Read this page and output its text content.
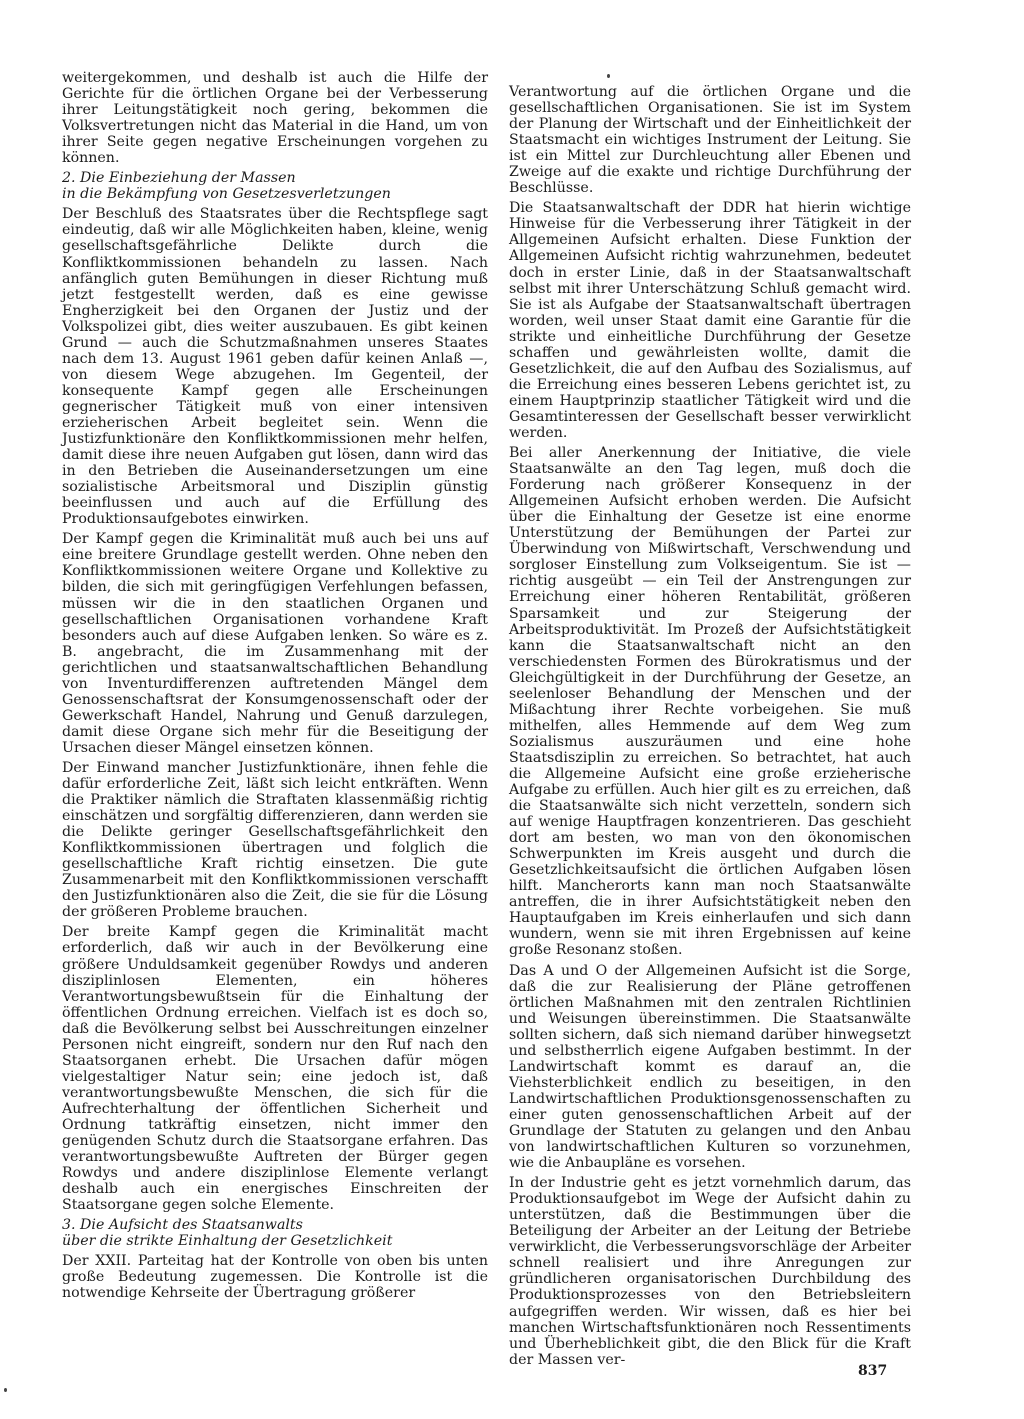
weitergekommen, und deshalb ist auch die Hilfe der Gerichte für die örtlichen Organe bei der Verbesserung ihrer Leitungstätigkeit noch gering, bekommen die Volksvertretungen nicht das Material in die Hand, um von ihrer Seite gegen negative Erscheinungen vorgehen zu können.

2. Die Einbeziehung der Massen
in die Bekämpfung von Gesetzesverletzungen

Der Beschluß des Staatsrates über die Rechtspflege sagt eindeutig, daß wir alle Möglichkeiten haben, kleine, wenig gesellschaftsgefährliche Delikte durch die Konfliktkommissionen behandeln zu lassen. Nach anfänglich guten Bemühungen in dieser Richtung muß jetzt festgestellt werden, daß es eine gewisse Engherzigkeit bei den Organen der Justiz und der Volkspolizei gibt, dies weiter auszubauen. Es gibt keinen Grund — auch die Schutzmaßnahmen unseres Staates nach dem 13. August 1961 geben dafür keinen Anlaß —, von diesem Wege abzugehen. Im Gegenteil, der konsequente Kampf gegen alle Erscheinungen gegnerischer Tätigkeit muß von einer intensiven erzieherischen Arbeit begleitet sein. Wenn die Justizfunktionäre den Konfliktkommissionen mehr helfen, damit diese ihre neuen Aufgaben gut lösen, dann wird das in den Betrieben die Auseinandersetzungen um eine sozialistische Arbeitsmoral und Disziplin günstig beeinflussen und auch auf die Erfüllung des Produktionsaufgebotes einwirken.

Der Kampf gegen die Kriminalität muß auch bei uns auf eine breitere Grundlage gestellt werden. Ohne neben den Konfliktkommissionen weitere Organe und Kollektive zu bilden, die sich mit geringfügigen Verfehlungen befassen, müssen wir die in den staatlichen Organen und gesellschaftlichen Organisationen vorhandene Kraft besonders auch auf diese Aufgaben lenken. So wäre es z. B. angebracht, die im Zusammenhang mit der gerichtlichen und staatsanwaltschaftlichen Behandlung von Inventurdifferenzen auftretenden Mängel dem Genossenschaftsrat der Konsumgenossenschaft oder der Gewerkschaft Handel, Nahrung und Genuß darzulegen, damit diese Organe sich mehr für die Beseitigung der Ursachen dieser Mängel einsetzen können.

Der Einwand mancher Justizfunktionäre, ihnen fehle die dafür erforderliche Zeit, läßt sich leicht entkräften. Wenn die Praktiker nämlich die Straftaten klassenmäßig richtig einschätzen und sorgfältig differenzieren, dann werden sie die Delikte geringer Gesellschaftsgefährlichkeit den Konfliktkommissionen übertragen und folglich die gesellschaftliche Kraft richtig einsetzen. Die gute Zusammenarbeit mit den Konfliktkommissionen verschafft den Justizfunktionären also die Zeit, die sie für die Lösung der größeren Probleme brauchen.

Der breite Kampf gegen die Kriminalität macht erforderlich, daß wir auch in der Bevölkerung eine größere Unduldsamkeit gegenüber Rowdys und anderen disziplinlosen Elementen, ein höheres Verantwortungsbewußtsein für die Einhaltung der öffentlichen Ordnung erreichen. Vielfach ist es doch so, daß die Bevölkerung selbst bei Ausschreitungen einzelner Personen nicht eingreift, sondern nur den Ruf nach den Staatsorganen erhebt. Die Ursachen dafür mögen vielgestaltiger Natur sein; eine jedoch ist, daß verantwortungsbewußte Menschen, die sich für die Aufrechterhaltung der öffentlichen Sicherheit und Ordnung tatkräftig einsetzen, nicht immer den genügenden Schutz durch die Staatsorgane erfahren. Das verantwortungsbewußte Auftreten der Bürger gegen Rowdys und andere disziplinlose Elemente verlangt deshalb auch ein energisches Einschreiten der Staatsorgane gegen solche Elemente.

3. Die Aufsicht des Staatsanwalts
über die strikte Einhaltung der Gesetzlichkeit

Der XXII. Parteitag hat der Kontrolle von oben bis unten große Bedeutung zugemessen. Die Kontrolle ist die notwendige Kehrseite der Übertragung größerer

Verantwortung auf die örtlichen Organe und die gesellschaftlichen Organisationen. Sie ist im System der Planung der Wirtschaft und der Einheitlichkeit der Staatsmacht ein wichtiges Instrument der Leitung. Sie ist ein Mittel zur Durchleuchtung aller Ebenen und Zweige auf die exakte und richtige Durchführung der Beschlüsse.

Die Staatsanwaltschaft der DDR hat hierin wichtige Hinweise für die Verbesserung ihrer Tätigkeit in der Allgemeinen Aufsicht erhalten. Diese Funktion der Allgemeinen Aufsicht richtig wahrzunehmen, bedeutet doch in erster Linie, daß in der Staatsanwaltschaft selbst mit ihrer Unterschätzung Schluß gemacht wird. Sie ist als Aufgabe der Staatsanwaltschaft übertragen worden, weil unser Staat damit eine Garantie für die strikte und einheitliche Durchführung der Gesetze schaffen und gewährleisten wollte, damit die Gesetzlichkeit, die auf den Aufbau des Sozialismus, auf die Erreichung eines besseren Lebens gerichtet ist, zu einem Hauptprinzip staatlicher Tätigkeit wird und die Gesamtinteressen der Gesellschaft besser verwirklicht werden.

Bei aller Anerkennung der Initiative, die viele Staatsanwälte an den Tag legen, muß doch die Forderung nach größerer Konsequenz in der Allgemeinen Aufsicht erhoben werden. Die Aufsicht über die Einhaltung der Gesetze ist eine enorme Unterstützung der Bemühungen der Partei zur Überwindung von Mißwirtschaft, Verschwendung und sorgloser Einstellung zum Volkseigentum. Sie ist — richtig ausgeübt — ein Teil der Anstrengungen zur Erreichung einer höheren Rentabilität, größeren Sparsamkeit und zur Steigerung der Arbeitsproduktivität. Im Prozeß der Aufsichtstätigkeit kann die Staatsanwaltschaft nicht an den verschiedensten Formen des Bürokratismus und der Gleichgültigkeit in der Durchführung der Gesetze, an seelenloser Behandlung der Menschen und der Mißachtung ihrer Rechte vorbeigehen. Sie muß mithelfen, alles Hemmende auf dem Weg zum Sozialismus auszuräumen und eine hohe Staatsdisziplin zu erreichen. So betrachtet, hat auch die Allgemeine Aufsicht eine große erzieherische Aufgabe zu erfüllen. Auch hier gilt es zu erreichen, daß die Staatsanwälte sich nicht verzetteln, sondern sich auf wenige Hauptfragen konzentrieren. Das geschieht dort am besten, wo man von den ökonomischen Schwerpunkten im Kreis ausgeht und durch die Gesetzlichkeitsaufsicht die örtlichen Aufgaben lösen hilft. Mancherorts kann man noch Staatsanwälte antreffen, die in ihrer Aufsichtstätigkeit neben den Hauptaufgaben im Kreis einherlaufen und sich dann wundern, wenn sie mit ihren Ergebnissen auf keine große Resonanz stoßen.

Das A und O der Allgemeinen Aufsicht ist die Sorge, daß die zur Realisierung der Pläne getroffenen örtlichen Maßnahmen mit den zentralen Richtlinien und Weisungen übereinstimmen. Die Staatsanwälte sollten sichern, daß sich niemand darüber hinwegsetzt und selbstherrlich eigene Aufgaben bestimmt. In der Landwirtschaft kommt es darauf an, die Viehsterblichkeit endlich zu beseitigen, in den Landwirtschaftlichen Produktionsgenossenschaften zu einer guten genossenschaftlichen Arbeit auf der Grundlage der Statuten zu gelangen und den Anbau von landwirtschaftlichen Kulturen so vorzunehmen, wie die Anbaupläne es vorsehen.

In der Industrie geht es jetzt vornehmlich darum, das Produktionsaufgebot im Wege der Aufsicht dahin zu unterstützen, daß die Bestimmungen über die Beteiligung der Arbeiter an der Leitung der Betriebe verwirklicht, die Verbesserungsvorschläge der Arbeiter schnell realisiert und ihre Anregungen zur gründlicheren organisatorischen Durchbildung des Produktionsprozesses von den Betriebsleitern aufgegriffen werden. Wir wissen, daß es hier bei manchen Wirtschaftsfunktionären noch Ressentiments und Überheblichkeit gibt, die den Blick für die Kraft der Massen ver-

837
